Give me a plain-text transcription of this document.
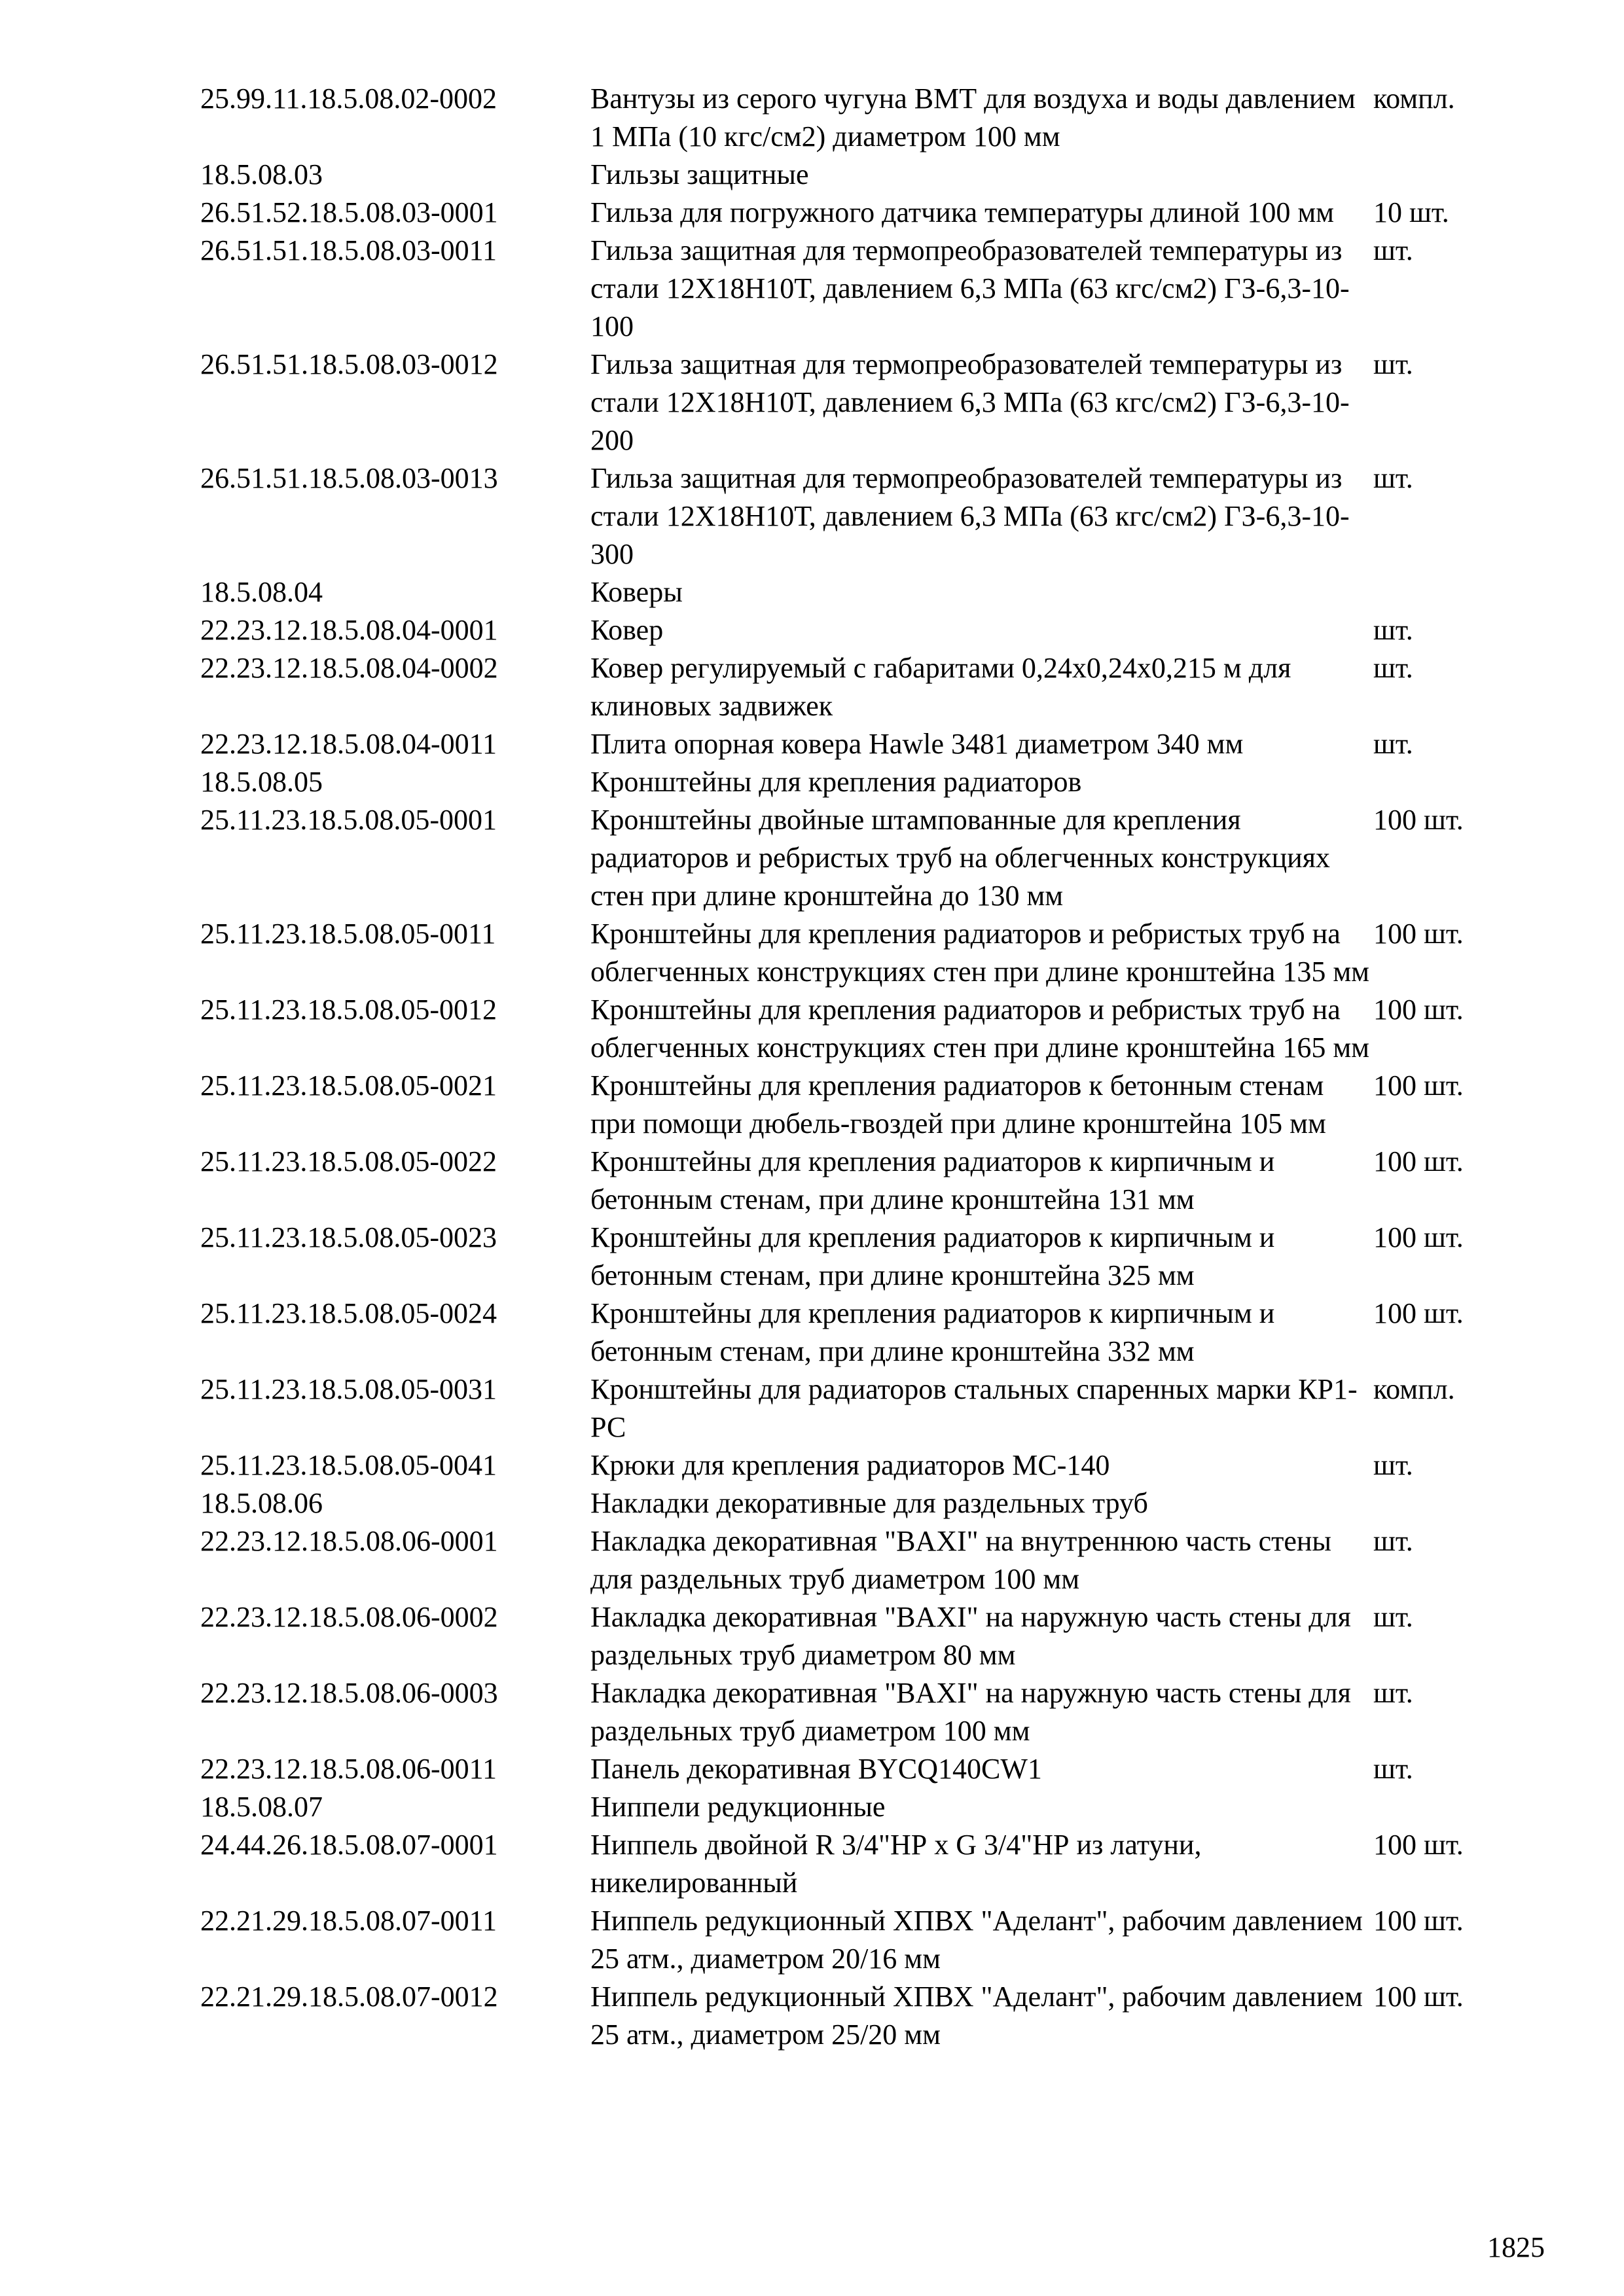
25.99.11.18.5.08.02-0002	Вантузы из серого чугуна ВМТ для воздуха и воды давлением 1 МПа (10 кгс/см2) диаметром 100 мм	компл.
18.5.08.03	Гильзы защитные	
26.51.52.18.5.08.03-0001	Гильза для погружного датчика температуры длиной 100 мм	10 шт.
26.51.51.18.5.08.03-0011	Гильза защитная для термопреобразователей температуры из стали 12Х18Н10Т, давлением 6,3 МПа (63 кгс/см2) ГЗ-6,3-10-100	шт.
26.51.51.18.5.08.03-0012	Гильза защитная для термопреобразователей температуры из стали 12Х18Н10Т, давлением 6,3 МПа (63 кгс/см2) ГЗ-6,3-10-200	шт.
26.51.51.18.5.08.03-0013	Гильза защитная для термопреобразователей температуры из стали 12Х18Н10Т, давлением 6,3 МПа (63 кгс/см2) ГЗ-6,3-10-300	шт.
18.5.08.04	Коверы	
22.23.12.18.5.08.04-0001	Ковер	шт.
22.23.12.18.5.08.04-0002	Ковер регулируемый с габаритами 0,24x0,24x0,215 м для клиновых задвижек	шт.
22.23.12.18.5.08.04-0011	Плита опорная ковера Hawle 3481 диаметром 340 мм	шт.
18.5.08.05	Кронштейны для крепления радиаторов	
25.11.23.18.5.08.05-0001	Кронштейны двойные штампованные для крепления радиаторов и ребристых труб на облегченных конструкциях стен при длине кронштейна до 130 мм	100 шт.
25.11.23.18.5.08.05-0011	Кронштейны для крепления радиаторов и ребристых труб на облегченных конструкциях стен при длине кронштейна 135 мм	100 шт.
25.11.23.18.5.08.05-0012	Кронштейны для крепления радиаторов и ребристых труб на облегченных конструкциях стен при длине кронштейна 165 мм	100 шт.
25.11.23.18.5.08.05-0021	Кронштейны для крепления радиаторов к бетонным стенам при помощи дюбель-гвоздей при длине кронштейна 105 мм	100 шт.
25.11.23.18.5.08.05-0022	Кронштейны для крепления радиаторов к кирпичным и бетонным стенам, при длине кронштейна 131 мм	100 шт.
25.11.23.18.5.08.05-0023	Кронштейны для крепления радиаторов к кирпичным и бетонным стенам, при длине кронштейна 325 мм	100 шт.
25.11.23.18.5.08.05-0024	Кронштейны для крепления радиаторов к кирпичным и бетонным стенам, при длине кронштейна 332 мм	100 шт.
25.11.23.18.5.08.05-0031	Кронштейны для радиаторов стальных спаренных марки КР1-РС	компл.
25.11.23.18.5.08.05-0041	Крюки для крепления радиаторов МС-140	шт.
18.5.08.06	Накладки декоративные для раздельных труб	
22.23.12.18.5.08.06-0001	Накладка декоративная "BAXI" на внутреннюю часть стены для раздельных труб диаметром 100 мм	шт.
22.23.12.18.5.08.06-0002	Накладка декоративная "BAXI" на наружную часть стены для раздельных труб диаметром 80 мм	шт.
22.23.12.18.5.08.06-0003	Накладка декоративная "BAXI" на наружную часть стены для раздельных труб диаметром 100 мм	шт.
22.23.12.18.5.08.06-0011	Панель декоративная BYCQ140CW1	шт.
18.5.08.07	Ниппели редукционные	
24.44.26.18.5.08.07-0001	Ниппель двойной R 3/4"НР x G 3/4"НР из латуни, никелированный	100 шт.
22.21.29.18.5.08.07-0011	Ниппель редукционный ХПВХ "Аделант", рабочим давлением 25 атм., диаметром 20/16 мм	100 шт.
22.21.29.18.5.08.07-0012	Ниппель редукционный ХПВХ "Аделант", рабочим давлением 25 атм., диаметром 25/20 мм	100 шт.
1825
